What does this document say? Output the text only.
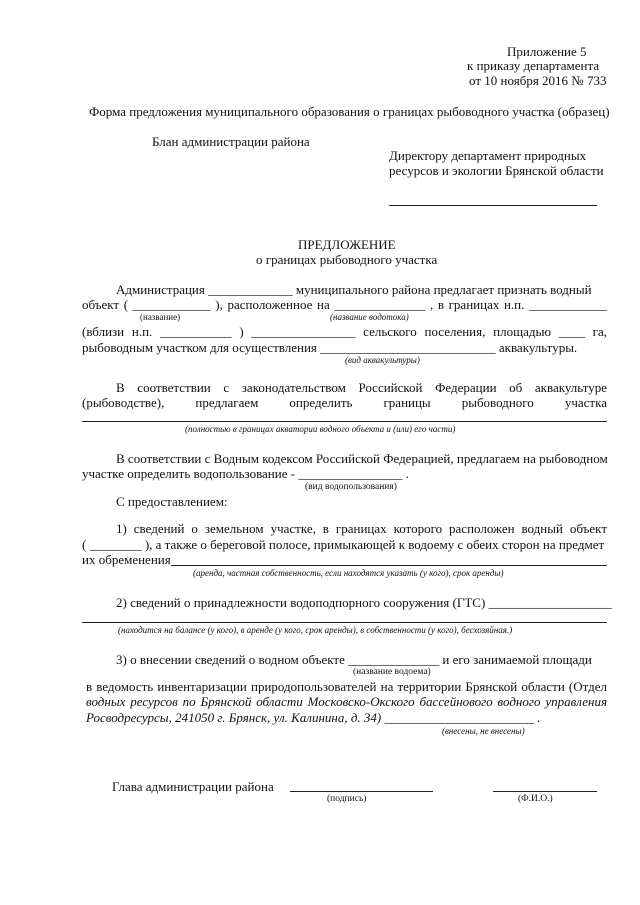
Приложение 5
к приказу департамента
от 10 ноября 2016 № 733
Форма предложения муниципального образования о границах рыбоводного участка (образец)
Блан администрации района
Директору департамент природных
ресурсов и экологии Брянской области
ПРЕДЛОЖЕНИЕ
о границах рыбоводного участка
Администрация _____________ муниципального района предлагает признать водный
объект ( ____________ ), расположенное на ______________ , в границах н.п. ____________
(название)	(название водотока)
(вблизи н.п. ___________ ) ________________ сельского поселения, площадью ____ га,
рыбоводным участком для осуществления ___________________________ аквакультуры.
(вид аквакультуры)
В соответствии с законодательством Российской Федерации об аквакультуре
(рыбоводстве), предлагаем определить границы рыбоводного участка
(полностью в границах акватории водного объекта и (или) его части)
В соответствии с Водным кодексом Российской Федерацией, предлагаем на рыбоводном
участке определить водопользование - ________________ .
(вид водопользования)
С предоставлением:
1) сведений о земельном участке, в границах которого расположен водный объект
( ________ ), а также о береговой полосе, примыкающей к водоему с обеих сторон на предмет
их обременения
(аренда, частная собственность, если находятся указать (у кого), срок аренды)
2) сведений о принадлежности водоподпорного сооружения (ГТС) ___________________
(находится на балансе (у кого), в аренде (у кого, срок аренды), в собственности (у кого), бесхозяйная.)
3) о внесении сведений о водном объекте ______________ и его занимаемой площади
(название водоема)
в ведомость инвентаризации природопользователей на территории Брянской области (Отдел
водных ресурсов по Брянской области Московско-Окского бассейнового водного управления
Росводресурсы, 241050 г. Брянск, ул. Калинина, д. 34) _______________________ .
(внесены, не внесены)
Глава администрации района
(подпись)	(Ф.И.О.)
